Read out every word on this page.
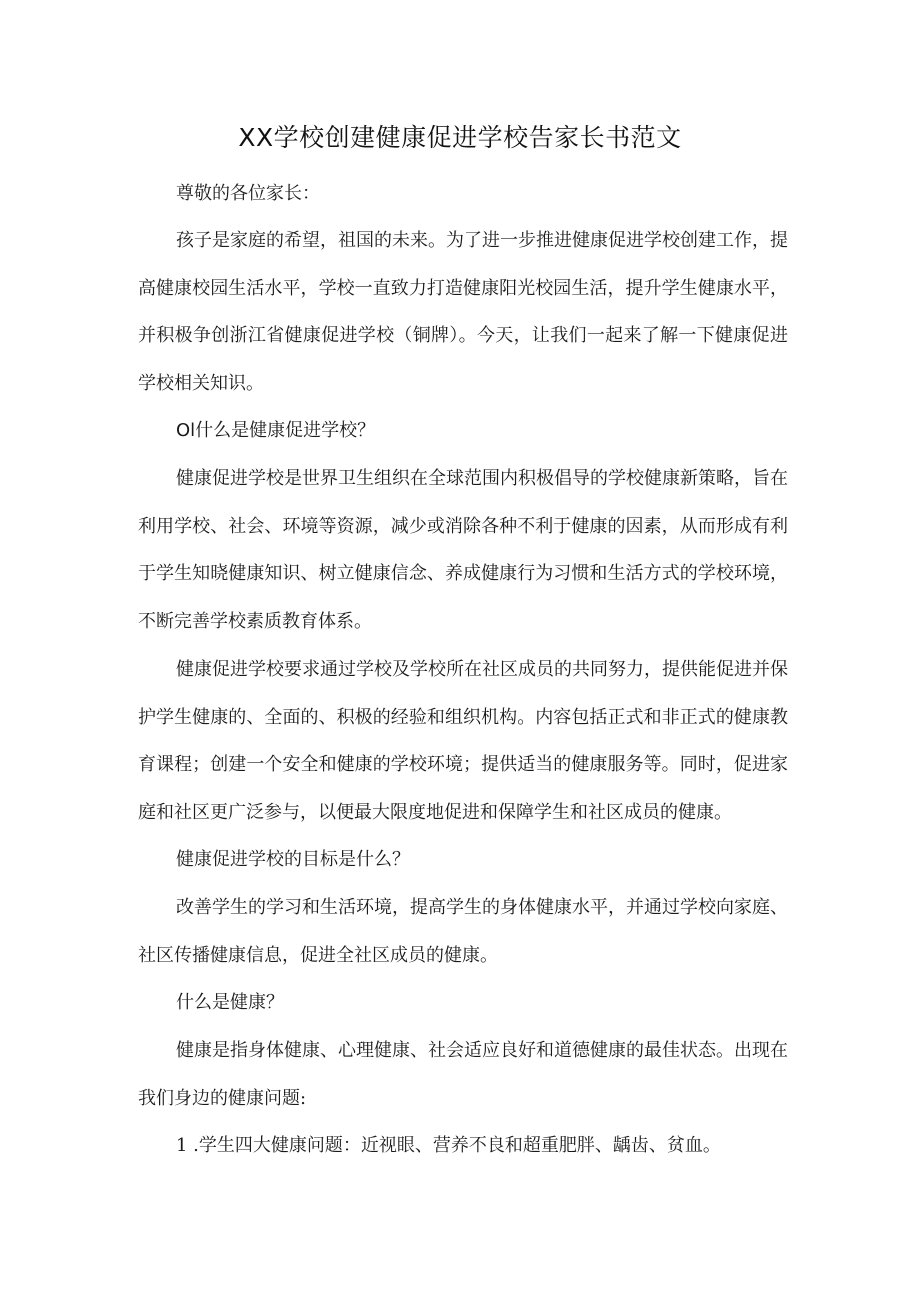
XX学校创建健康促进学校告家长书范文

尊敬的各位家长：

孩子是家庭的希望，祖国的未来。为了进一步推进健康促进学校创建工作，提高健康校园生活水平，学校一直致力打造健康阳光校园生活，提升学生健康水平，并积极争创浙江省健康促进学校（铜牌）。今天，让我们一起来了解一下健康促进学校相关知识。

Ol什么是健康促进学校？

健康促进学校是世界卫生组织在全球范围内积极倡导的学校健康新策略，旨在利用学校、社会、环境等资源，减少或消除各种不利于健康的因素，从而形成有利于学生知晓健康知识、树立健康信念、养成健康行为习惯和生活方式的学校环境，不断完善学校素质教育体系。

健康促进学校要求通过学校及学校所在社区成员的共同努力，提供能促进并保护学生健康的、全面的、积极的经验和组织机构。内容包括正式和非正式的健康教育课程；创建一个安全和健康的学校环境；提供适当的健康服务等。同时，促进家庭和社区更广泛参与，以便最大限度地促进和保障学生和社区成员的健康。

健康促进学校的目标是什么？

改善学生的学习和生活环境，提高学生的身体健康水平，并通过学校向家庭、社区传播健康信息，促进全社区成员的健康。

什么是健康？

健康是指身体健康、心理健康、社会适应良好和道德健康的最佳状态。出现在我们身边的健康问题:

1 .学生四大健康问题：近视眼、营养不良和超重肥胖、龋齿、贫血。
